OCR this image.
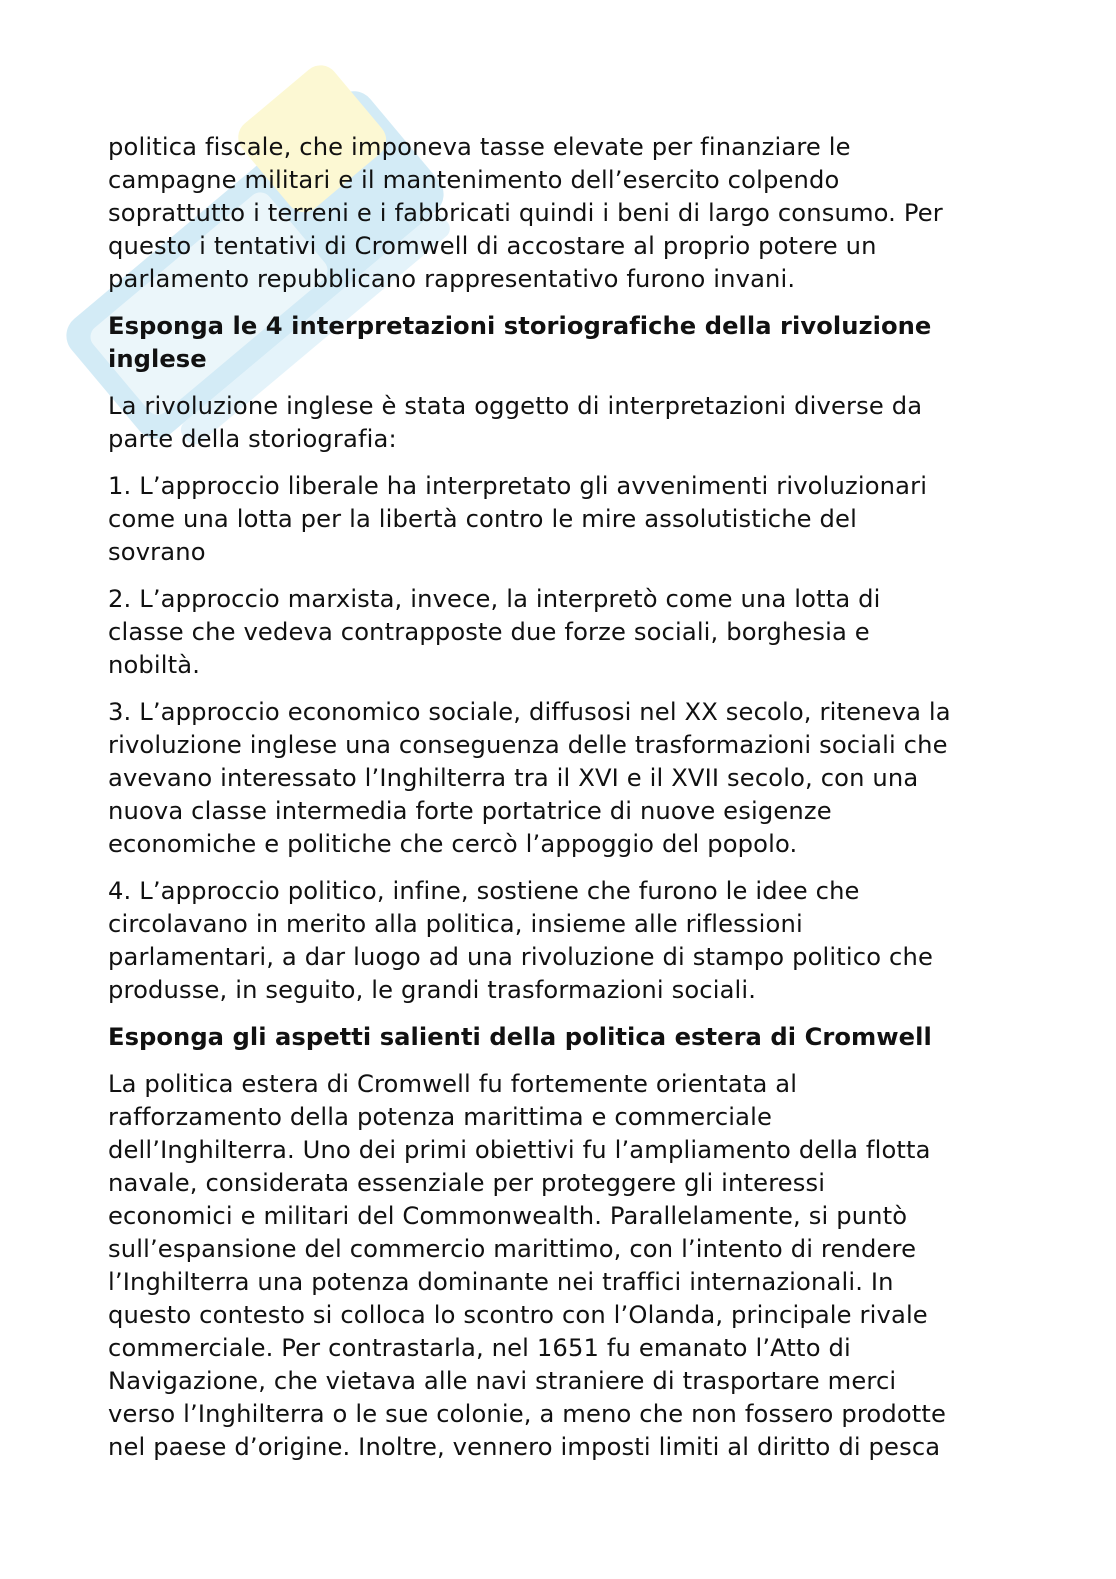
politica fiscale, che imponeva tasse elevate per finanziare le
campagne militari e il mantenimento dell’esercito colpendo
soprattutto i terreni e i fabbricati quindi i beni di largo consumo. Per
questo i tentativi di Cromwell di accostare al proprio potere un
parlamento repubblicano rappresentativo furono invani.

Esponga le 4 interpretazioni storiografiche della rivoluzione
inglese

La rivoluzione inglese è stata oggetto di interpretazioni diverse da
parte della storiografia:

1. L’approccio liberale ha interpretato gli avvenimenti rivoluzionari
come una lotta per la libertà contro le mire assolutistiche del
sovrano

2. L’approccio marxista, invece, la interpretò come una lotta di
classe che vedeva contrapposte due forze sociali, borghesia e
nobiltà.

3. L’approccio economico sociale, diffusosi nel XX secolo, riteneva la
rivoluzione inglese una conseguenza delle trasformazioni sociali che
avevano interessato l’Inghilterra tra il XVI e il XVII secolo, con una
nuova classe intermedia forte portatrice di nuove esigenze
economiche e politiche che cercò l’appoggio del popolo.

4. L’approccio politico, infine, sostiene che furono le idee che
circolavano in merito alla politica, insieme alle riflessioni
parlamentari, a dar luogo ad una rivoluzione di stampo politico che
produsse, in seguito, le grandi trasformazioni sociali.

Esponga gli aspetti salienti della politica estera di Cromwell

La politica estera di Cromwell fu fortemente orientata al
rafforzamento della potenza marittima e commerciale
dell’Inghilterra. Uno dei primi obiettivi fu l’ampliamento della flotta
navale, considerata essenziale per proteggere gli interessi
economici e militari del Commonwealth. Parallelamente, si puntò
sull’espansione del commercio marittimo, con l’intento di rendere
l’Inghilterra una potenza dominante nei traffici internazionali. In
questo contesto si colloca lo scontro con l’Olanda, principale rivale
commerciale. Per contrastarla, nel 1651 fu emanato l’Atto di
Navigazione, che vietava alle navi straniere di trasportare merci
verso l’Inghilterra o le sue colonie, a meno che non fossero prodotte
nel paese d’origine. Inoltre, vennero imposti limiti al diritto di pesca
